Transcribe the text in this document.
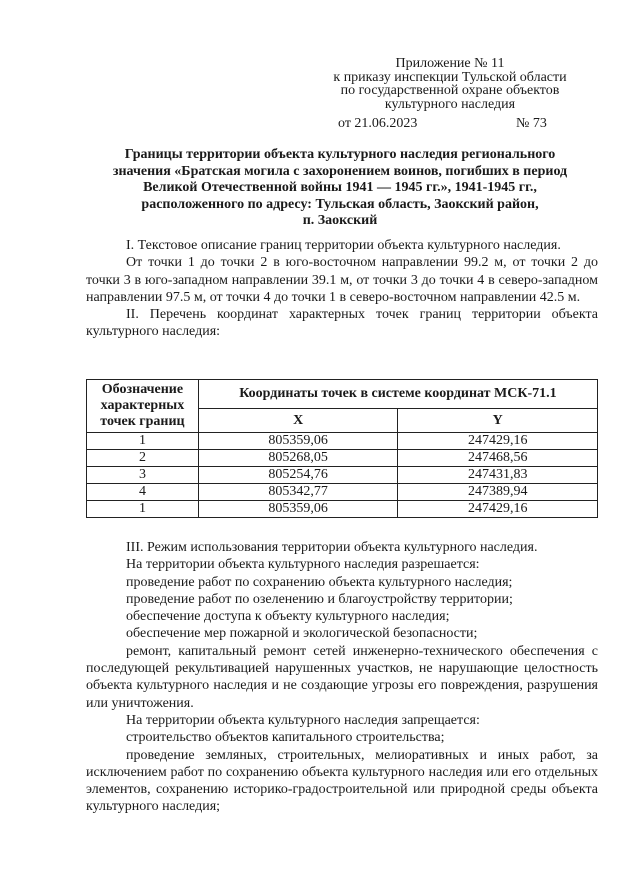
Приложение № 11
к приказу инспекции Тульской области
по государственной охране объектов
культурного наследия
от 21.06.2023	№ 73
Границы территории объекта культурного наследия регионального
значения «Братская могила с захоронением воинов, погибших в период
Великой Отечественной войны 1941 — 1945 гг.», 1941-1945 гг.,
расположенного по адресу: Тульская область, Заокский район,
п. Заокский

I. Текстовое описание границ территории объекта культурного наследия.

От точки 1 до точки 2 в юго-восточном направлении 99.2 м, от точки 2 до точки 3 в юго-западном направлении 39.1 м, от точки 3 до точки 4 в северо-западном направлении 97.5 м, от точки 4 до точки 1 в северо-восточном направлении 42.5 м.

II. Перечень координат характерных точек границ территории объекта культурного наследия:

Обозначение характерных точек границ	Координаты точек в системе координат МСК-71.1	
	X	Y
1	805359,06	247429,16
2	805268,05	247468,56
3	805254,76	247431,83
4	805342,77	247389,94
1	805359,06	247429,16

III. Режим использования территории объекта культурного наследия.

На территории объекта культурного наследия разрешается:

проведение работ по сохранению объекта культурного наследия;

проведение работ по озеленению и благоустройству территории;

обеспечение доступа к объекту культурного наследия;

обеспечение мер пожарной и экологической безопасности;

ремонт, капитальный ремонт сетей инженерно-технического обеспечения с последующей рекультивацией нарушенных участков, не нарушающие целостность объекта культурного наследия и не создающие угрозы его повреждения, разрушения или уничтожения.

На территории объекта культурного наследия запрещается:

строительство объектов капитального строительства;

проведение земляных, строительных, мелиоративных и иных работ, за исключением работ по сохранению объекта культурного наследия или его отдельных элементов, сохранению историко-градостроительной или природной среды объекта культурного наследия;
